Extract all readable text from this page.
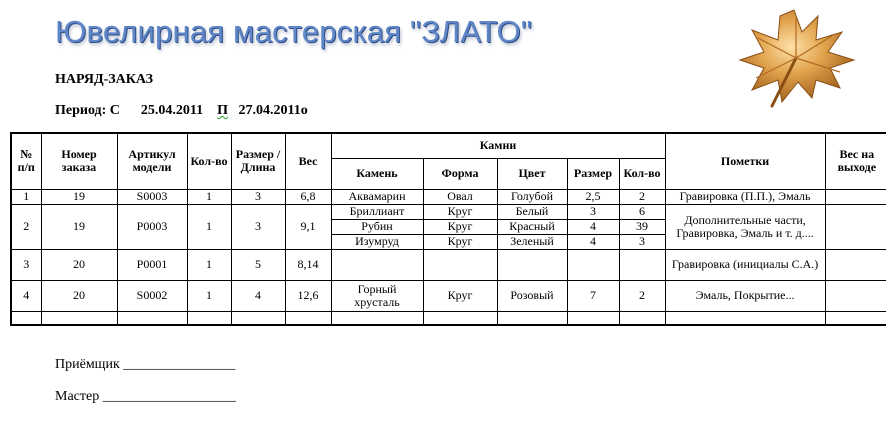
Ювелирная мастерская "ЗЛАТО"
НАРЯД-ЗАКАЗ
Период: С 25.04.2011 П 27.04.2011о
№ п/п	Номер заказа	Артикул модели	Кол-во	Размер /Длина	Вес	Камни					Пометки	Вес на выходе
						Камень	Форма	Цвет	Размер	Кол-во		
1	19	S0003	1	3	6,8	Аквамарин	Овал	Голубой	2,5	2	Гравировка (П.П.), Эмаль	
2	19	P0003	1	3	9,1	Бриллиант	Круг	Белый	3	6	Дополнительные части, Гравировка, Эмаль и т. д....	
						Рубин	Круг	Красный	4	39		
						Изумруд	Круг	Зеленый	4	3		
3	20	P0001	1	5	8,14						Гравировка (инициалы С.А.)	
4	20	S0002	1	4	12,6	Горный хрусталь	Круг	Розовый	7	2	Эмаль, Покрытие...	

Приёмщик ________________
Мастер ___________________
